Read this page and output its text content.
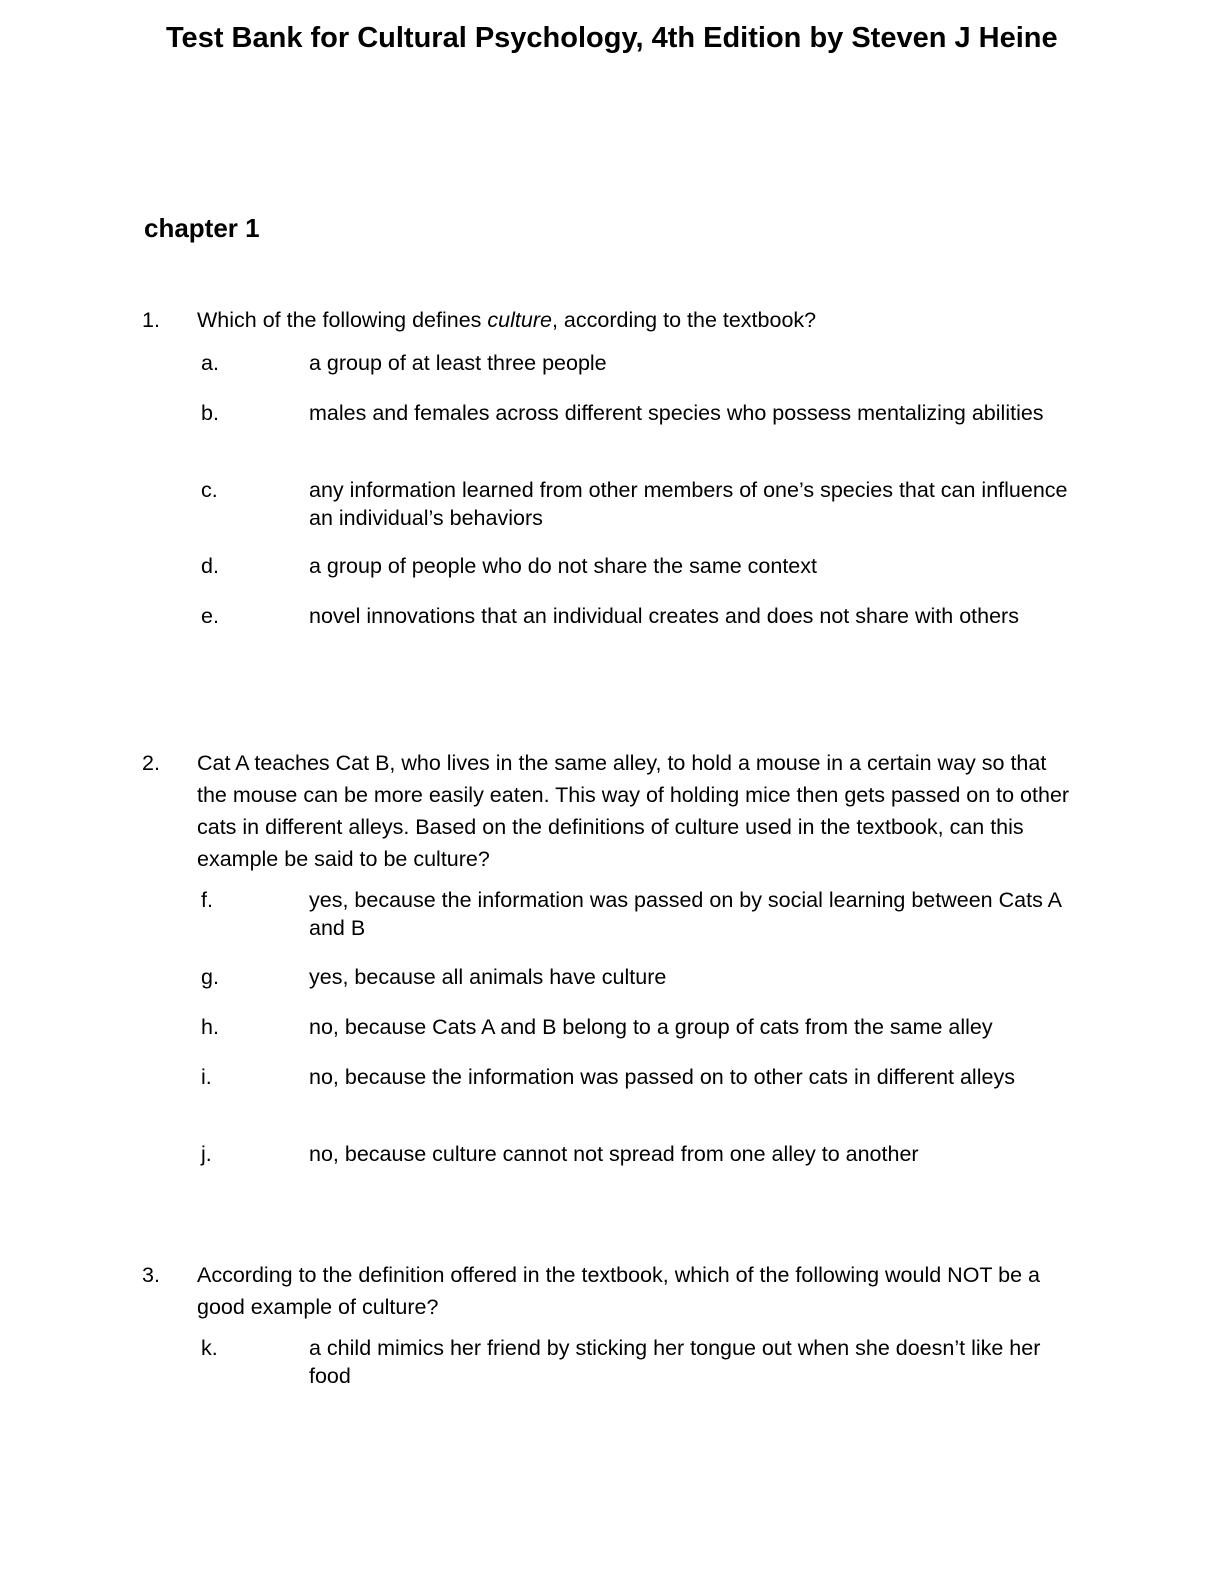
Test Bank for Cultural Psychology, 4th Edition by Steven J Heine
chapter 1
1. Which of the following defines culture, according to the textbook?
a.	a group of at least three people
b.	males and females across different species who possess mentalizing abilities
c.	any information learned from other members of one’s species that can influence an individual’s behaviors
d.	a group of people who do not share the same context
e.	novel innovations that an individual creates and does not share with others
2. Cat A teaches Cat B, who lives in the same alley, to hold a mouse in a certain way so that the mouse can be more easily eaten. This way of holding mice then gets passed on to other cats in different alleys. Based on the definitions of culture used in the textbook, can this example be said to be culture?
f.	yes, because the information was passed on by social learning between Cats A and B
g.	yes, because all animals have culture
h.	no, because Cats A and B belong to a group of cats from the same alley
i.	no, because the information was passed on to other cats in different alleys
j.	no, because culture cannot not spread from one alley to another
3. According to the definition offered in the textbook, which of the following would NOT be a good example of culture?
k.	a child mimics her friend by sticking her tongue out when she doesn’t like her food
